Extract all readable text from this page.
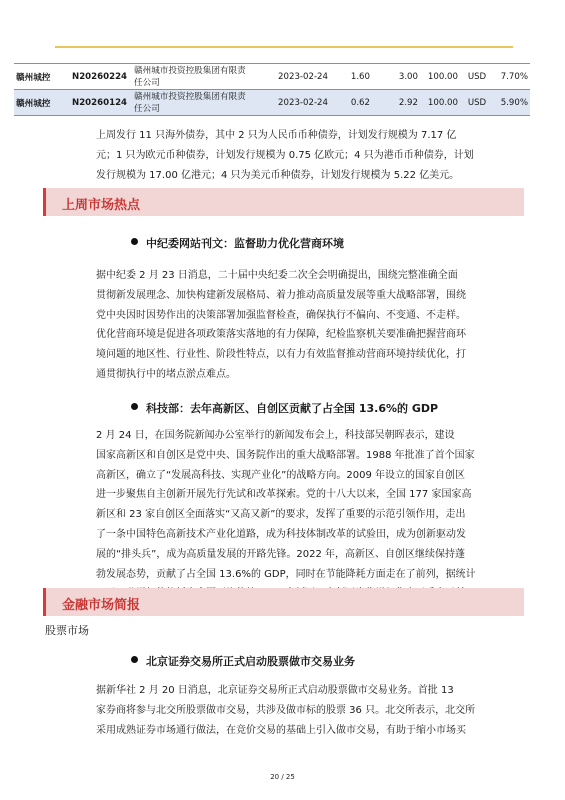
赣州城控	N20260224	赣州城市投资控股集团有限责任公司	2023-02-24	1.60	3.00	100.00	USD	7.70%
赣州城控	N20260124	赣州城市投资控股集团有限责任公司	2023-02-24	0.62	2.92	100.00	USD	5.90%
上周发行 11 只海外债券，其中 2 只为人民币币种债券，计划发行规模为 7.17 亿
元；1 只为欧元币种债券，计划发行规模为 0.75 亿欧元；4 只为港币币种债券，计划
发行规模为 17.00 亿港元；4 只为美元币种债券，计划发行规模为 5.22 亿美元。
上周市场热点
中纪委网站刊文：监督助力优化营商环境
据中纪委 2 月 23 日消息，二十届中央纪委二次全会明确提出，围绕完整准确全面
贯彻新发展理念、加快构建新发展格局、着力推动高质量发展等重大战略部署，围绕
党中央因时因势作出的决策部署加强监督检查，确保执行不偏向、不变通、不走样。
优化营商环境是促进各项政策落实落地的有力保障，纪检监察机关要准确把握营商环
境问题的地区性、行业性、阶段性特点，以有力有效监督推动营商环境持续优化，打
通贯彻执行中的堵点淤点难点。
科技部：去年高新区、自创区贡献了占全国 13.6%的 GDP
2 月 24 日，在国务院新闻办公室举行的新闻发布会上，科技部吴朝晖表示，建设
国家高新区和自创区是党中央、国务院作出的重大战略部署。1988 年批准了首个国家
高新区，确立了“发展高科技、实现产业化”的战略方向。2009 年设立的国家自创区
进一步聚焦自主创新开展先行先试和改革探索。党的十八大以来，全国 177 家国家高
新区和 23 家自创区全面落实“又高又新”的要求，发挥了重要的示范引领作用，走出
了一条中国特色高新技术产业化道路，成为科技体制改革的试验田，成为创新驱动发
展的“排头兵”，成为高质量发展的开路先锋。2022 年，高新区、自创区继续保持蓬
勃发展态势，贡献了占全国 13.6%的 GDP，同时在节能降耗方面走在了前列，据统计
金融市场简报
股票市场
北京证券交易所正式启动股票做市交易业务
据新华社 2 月 20 日消息，北京证券交易所正式启动股票做市交易业务。首批 13
家券商将参与北交所股票做市交易，共涉及做市标的股票 36 只。北交所表示，北交所
采用成熟证券市场通行做法，在竞价交易的基础上引入做市交易，有助于缩小市场买
20 / 25
